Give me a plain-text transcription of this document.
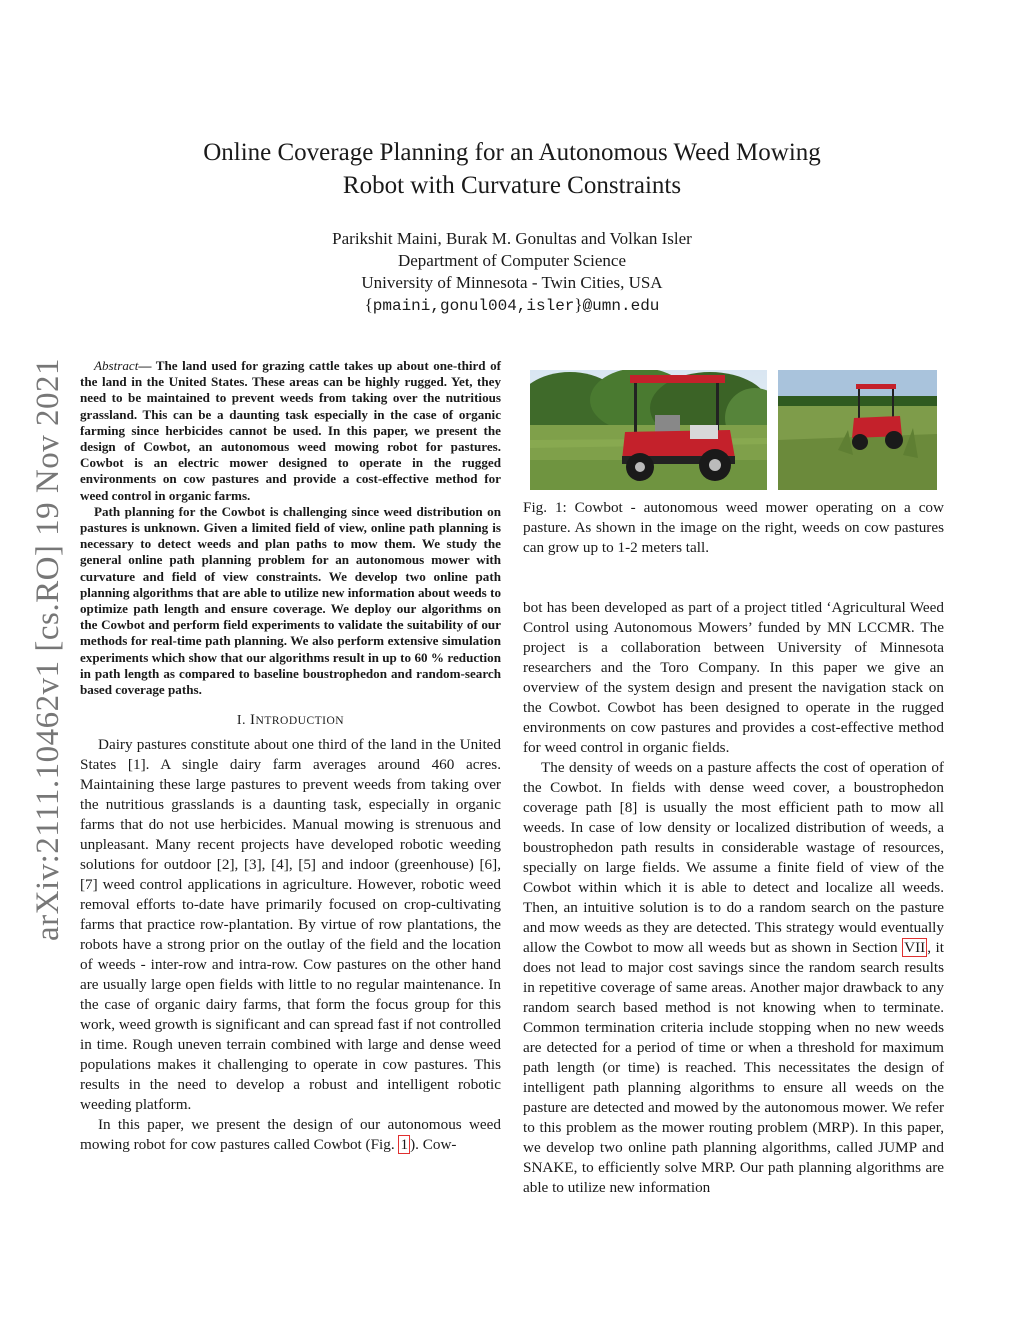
arXiv:2111.10462v1 [cs.RO] 19 Nov 2021
Online Coverage Planning for an Autonomous Weed Mowing
Robot with Curvature Constraints
Parikshit Maini, Burak M. Gonultas and Volkan Isler
Department of Computer Science
University of Minnesota - Twin Cities, USA
{pmaini,gonul004,isler}@umn.edu

Abstract— The land used for grazing cattle takes up about one-third of the land in the United States. These areas can be highly rugged. Yet, they need to be maintained to prevent weeds from taking over the nutritious grassland. This can be a daunting task especially in the case of organic farming since herbicides cannot be used. In this paper, we present the design of Cowbot, an autonomous weed mowing robot for pastures. Cowbot is an electric mower designed to operate in the rugged environments on cow pastures and provide a cost-effective method for weed control in organic farms.

Path planning for the Cowbot is challenging since weed distribution on pastures is unknown. Given a limited field of view, online path planning is necessary to detect weeds and plan paths to mow them. We study the general online path planning problem for an autonomous mower with curvature and field of view constraints. We develop two online path planning algorithms that are able to utilize new information about weeds to optimize path length and ensure coverage. We deploy our algorithms on the Cowbot and perform field experiments to validate the suitability of our methods for real-time path planning. We also perform extensive simulation experiments which show that our algorithms result in up to 60 % reduction in path length as compared to baseline boustrophedon and random-search based coverage paths.

I. INTRODUCTION

Dairy pastures constitute about one third of the land in the United States [1]. A single dairy farm averages around 460 acres. Maintaining these large pastures to prevent weeds from taking over the nutritious grasslands is a daunting task, especially in organic farms that do not use herbicides. Manual mowing is strenuous and unpleasant. Many recent projects have developed robotic weeding solutions for outdoor [2], [3], [4], [5] and indoor (greenhouse) [6], [7] weed control applications in agriculture. However, robotic weed removal efforts to-date have primarily focused on crop-cultivating farms that practice row-plantation. By virtue of row plantations, the robots have a strong prior on the outlay of the field and the location of weeds - inter-row and intra-row. Cow pastures on the other hand are usually large open fields with little to no regular maintenance. In the case of organic dairy farms, that form the focus group for this work, weed growth is significant and can spread fast if not controlled in time. Rough uneven terrain combined with large and dense weed populations makes it challenging to operate in cow pastures. This results in the need to develop a robust and intelligent robotic weeding platform.

In this paper, we present the design of our autonomous weed mowing robot for cow pastures called Cowbot (Fig. 1 ). Cow-

Fig. 1: Cowbot - autonomous weed mower operating on a cow pasture. As shown in the image on the right, weeds on cow pastures can grow up to 1-2 meters tall.

bot has been developed as part of a project titled ‘Agricultural Weed Control using Autonomous Mowers’ funded by MN LCCMR. The project is a collaboration between University of Minnesota researchers and the Toro Company. In this paper we give an overview of the system design and present the navigation stack on the Cowbot. Cowbot has been designed to operate in the rugged environments on cow pastures and provides a cost-effective method for weed control in organic fields.

The density of weeds on a pasture affects the cost of operation of the Cowbot. In fields with dense weed cover, a boustrophedon coverage path [8] is usually the most efficient path to mow all weeds. In case of low density or localized distribution of weeds, a boustrophedon path results in considerable wastage of resources, specially on large fields. We assume a finite field of view of the Cowbot within which it is able to detect and localize all weeds. Then, an intuitive solution is to do a random search on the pasture and mow weeds as they are detected. This strategy would eventually allow the Cowbot to mow all weeds but as shown in Section VII , it does not lead to major cost savings since the random search results in repetitive coverage of same areas. Another major drawback to any random search based method is not knowing when to terminate. Common termination criteria include stopping when no new weeds are detected for a period of time or when a threshold for maximum path length (or time) is reached. This necessitates the design of intelligent path planning algorithms to ensure all weeds on the pasture are detected and mowed by the autonomous mower. We refer to this problem as the mower routing problem (MRP). In this paper, we develop two online path planning algorithms, called JUMP and SNAKE, to efficiently solve MRP. Our path planning algorithms are able to utilize new information
